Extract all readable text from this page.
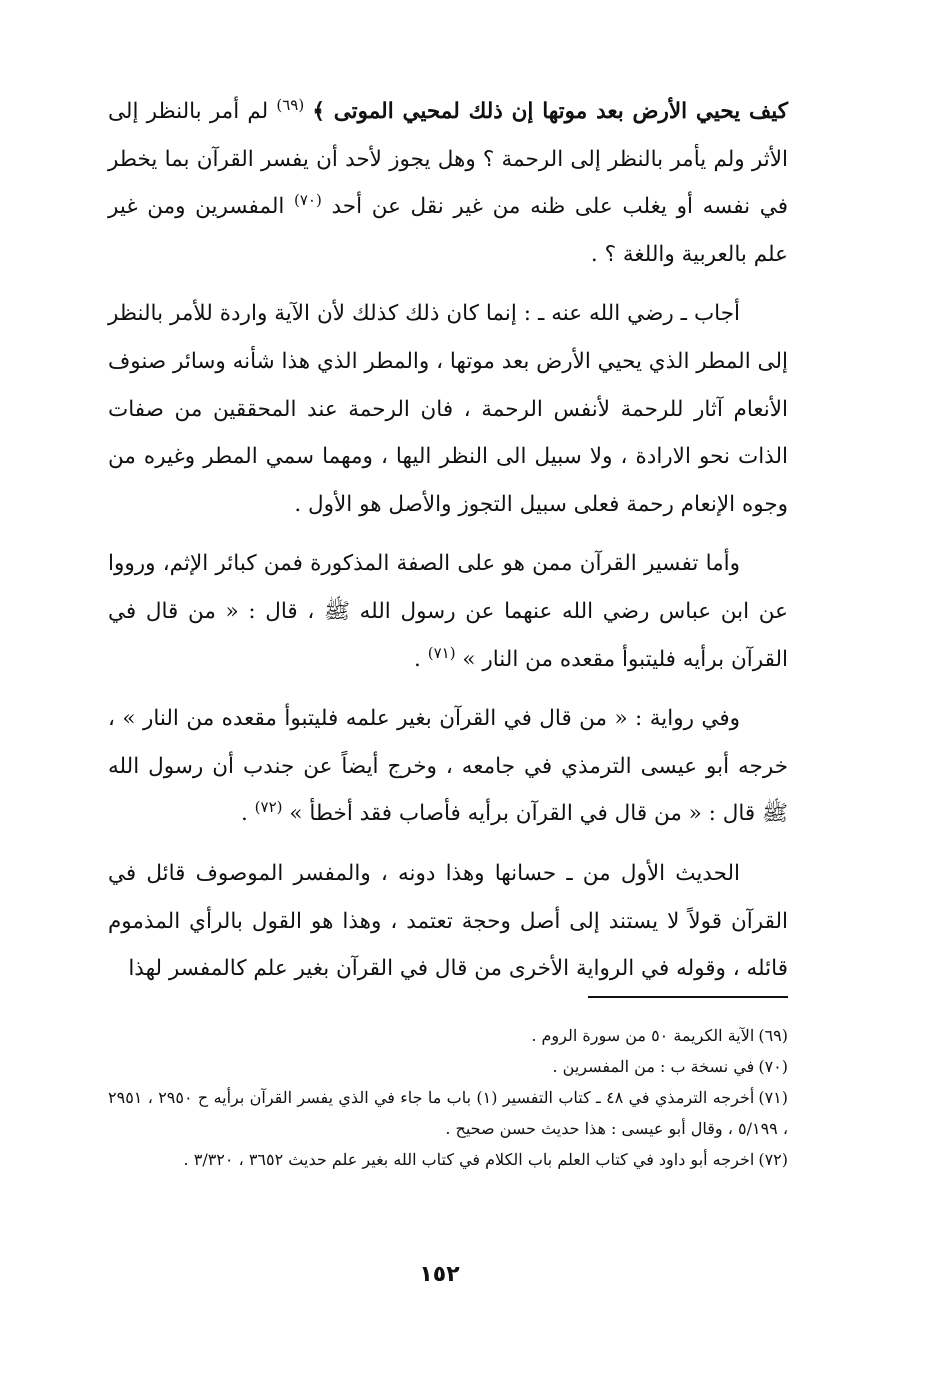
كيف يحيي الأرض بعد موتها إن ذلك لمحيي الموتى ﴾ $^{(٦٩)}$ لم أمر بالنظر إلى الأثر ولم يأمر بالنظر إلى الرحمة ؟ وهل يجوز لأحد أن يفسر القرآن بما يخطر في نفسه أو يغلب على ظنه من غير نقل عن أحد $^{(٧٠)}$ المفسرين ومن غير علم بالعربية واللغة ؟ .

أجاب ـ رضي الله عنه ـ : إنما كان ذلك كذلك لأن الآية واردة للأمر بالنظر إلى المطر الذي يحيي الأرض بعد موتها ، والمطر الذي هذا شأنه وسائر صنوف الأنعام آثار للرحمة لأنفس الرحمة ، فان الرحمة عند المحققين من صفات الذات نحو الارادة ، ولا سبيل الى النظر اليها ، ومهما سمي المطر وغيره من وجوه الإنعام رحمة فعلى سبيل التجوز والأصل هو الأول .

وأما تفسير القرآن ممن هو على الصفة المذكورة فمن كبائر الإثم، ورووا عن ابن عباس رضي الله عنهما عن رسول الله ﷺ ، قال : « من قال في القرآن برأيه فليتبوأ مقعده من النار » $^{(٧١)}$ .

وفي رواية : « من قال في القرآن بغير علمه فليتبوأ مقعده من النار » ، خرجه أبو عيسى الترمذي في جامعه ، وخرج أيضاً عن جندب أن رسول الله ﷺ قال : « من قال في القرآن برأيه فأصاب فقد أخطأ » $^{(٧٢)}$ .

الحديث الأول من ـ حسانها وهذا دونه ، والمفسر الموصوف قائل في القرآن قولاً لا يستند إلى أصل وحجة تعتمد ، وهذا هو القول بالرأي المذموم قائله ، وقوله في الرواية الأخرى من قال في القرآن بغير علم كالمفسر لهذا

(٦٩)الآية الكريمة ٥٠ من سورة الروم .

(٧٠)في نسخة ب : من المفسرين .

(٧١)أخرجه الترمذي في ٤٨ ـ كتاب التفسير (١) باب ما جاء في الذي يفسر القرآن برأيه ح ٢٩٥٠ ، ٢٩٥١ ، ٥/١٩٩ ، وقال أبو عيسى : هذا حديث حسن صحيح .

(٧٢)اخرجه أبو داود في كتاب العلم باب الكلام في كتاب الله بغير علم حديث ٣٦٥٢ ، ٣/٣٢٠ .

١٥٢
